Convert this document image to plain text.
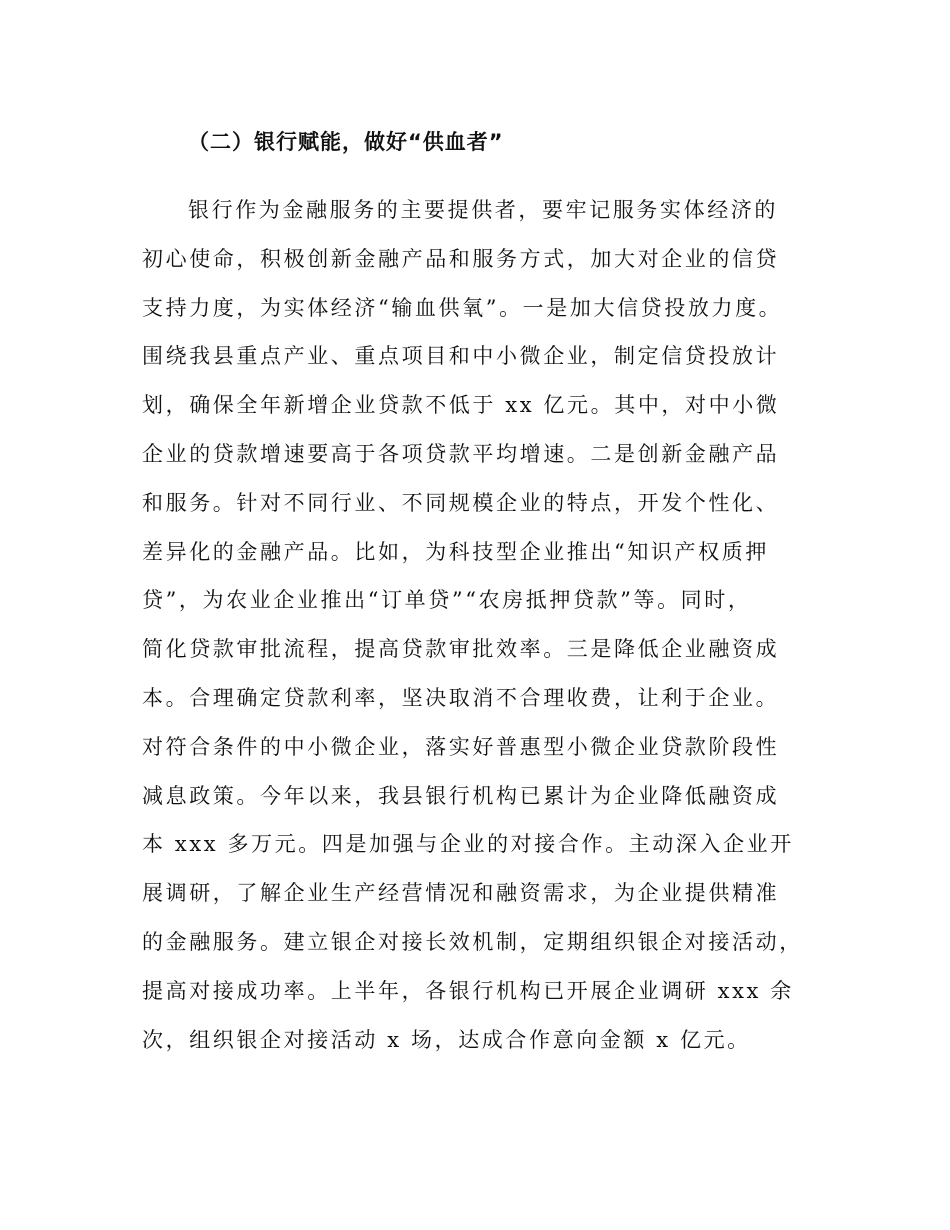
（二）银行赋能，做好“供血者”
银行作为金融服务的主要提供者，要牢记服务实体经济的
初心使命，积极创新金融产品和服务方式，加大对企业的信贷
支持力度，为实体经济“输血供氧”。一是加大信贷投放力度。
围绕我县重点产业、重点项目和中小微企业，制定信贷投放计
划，确保全年新增企业贷款不低于 xx 亿元。其中，对中小微
企业的贷款增速要高于各项贷款平均增速。二是创新金融产品
和服务。针对不同行业、不同规模企业的特点，开发个性化、
差异化的金融产品。比如，为科技型企业推出“知识产权质押
贷”，为农业企业推出“订单贷”“农房抵押贷款”等。同时，
简化贷款审批流程，提高贷款审批效率。三是降低企业融资成
本。合理确定贷款利率，坚决取消不合理收费，让利于企业。
对符合条件的中小微企业，落实好普惠型小微企业贷款阶段性
减息政策。今年以来，我县银行机构已累计为企业降低融资成
本 xxx 多万元。四是加强与企业的对接合作。主动深入企业开
展调研，了解企业生产经营情况和融资需求，为企业提供精准
的金融服务。建立银企对接长效机制，定期组织银企对接活动，
提高对接成功率。上半年，各银行机构已开展企业调研 xxx 余
次，组织银企对接活动 x 场，达成合作意向金额 x 亿元。
